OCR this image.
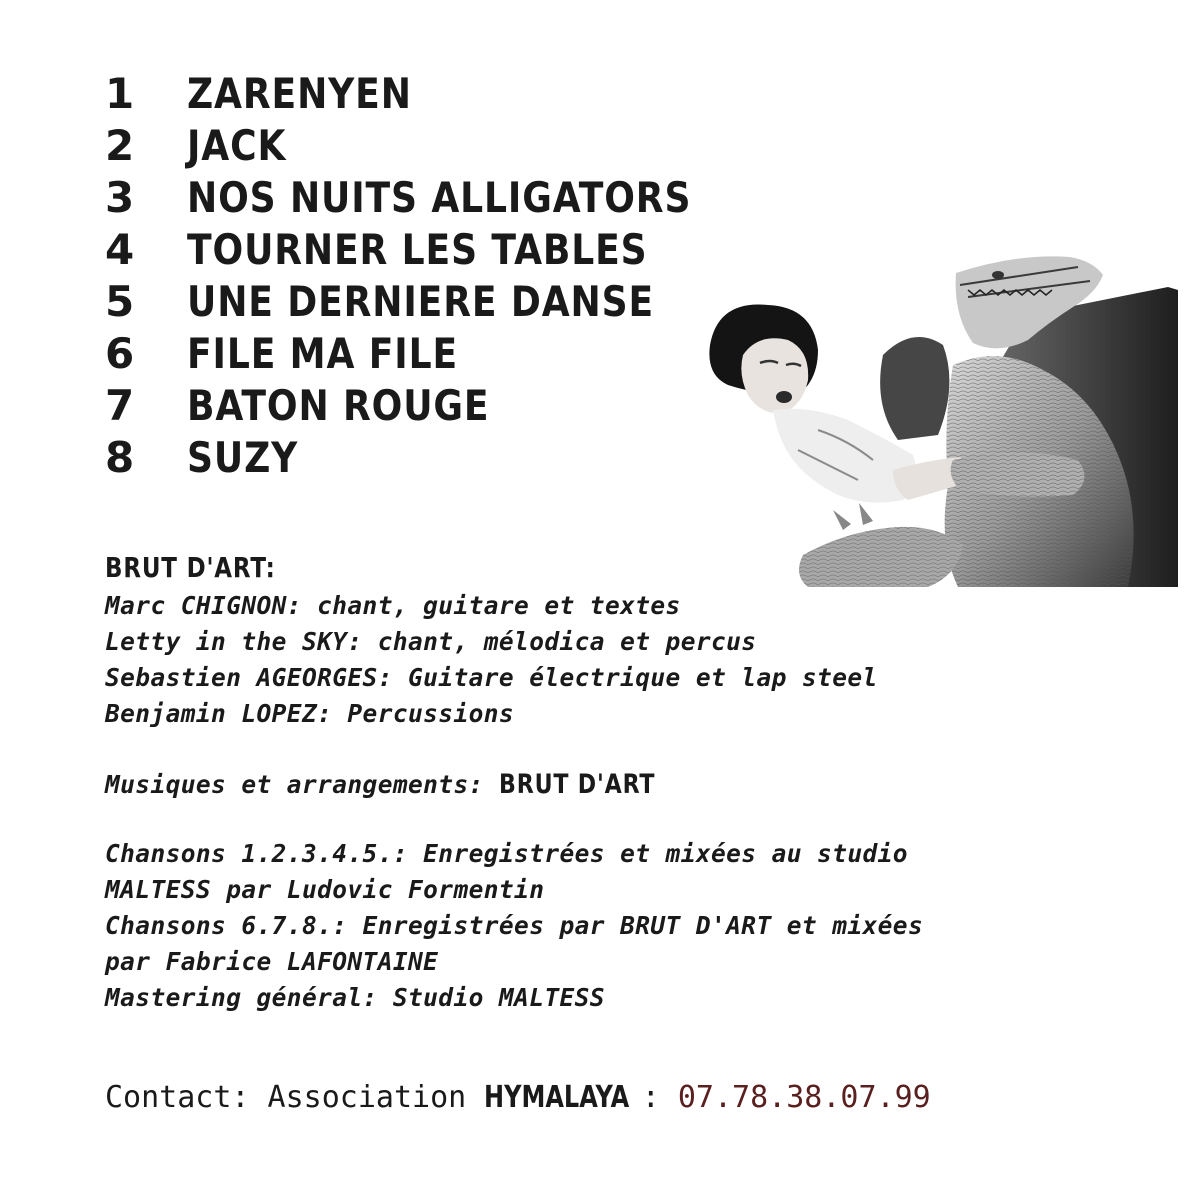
1 ZARENYEN
2 JACK
3 NOS NUITS ALLIGATORS
4 TOURNER LES TABLES
5 UNE DERNIERE DANSE
6 FILE MA FILE
7 BATON ROUGE
8 SUZY
BRUT D'ART:
Marc CHIGNON: chant, guitare et textes
Letty in the SKY: chant, mélodica et percus
Sebastien AGEORGES: Guitare électrique et lap steel
Benjamin LOPEZ: Percussions
Musiques et arrangements: BRUT D'ART
Chansons 1.2.3.4.5.: Enregistrées et mixées au studio
MALTESS par Ludovic Formentin
Chansons 6.7.8.: Enregistrées par BRUT D'ART et mixées
par Fabrice LAFONTAINE
Mastering général: Studio MALTESS
Contact: Association HYMALAYA : 07.78.38.07.99
